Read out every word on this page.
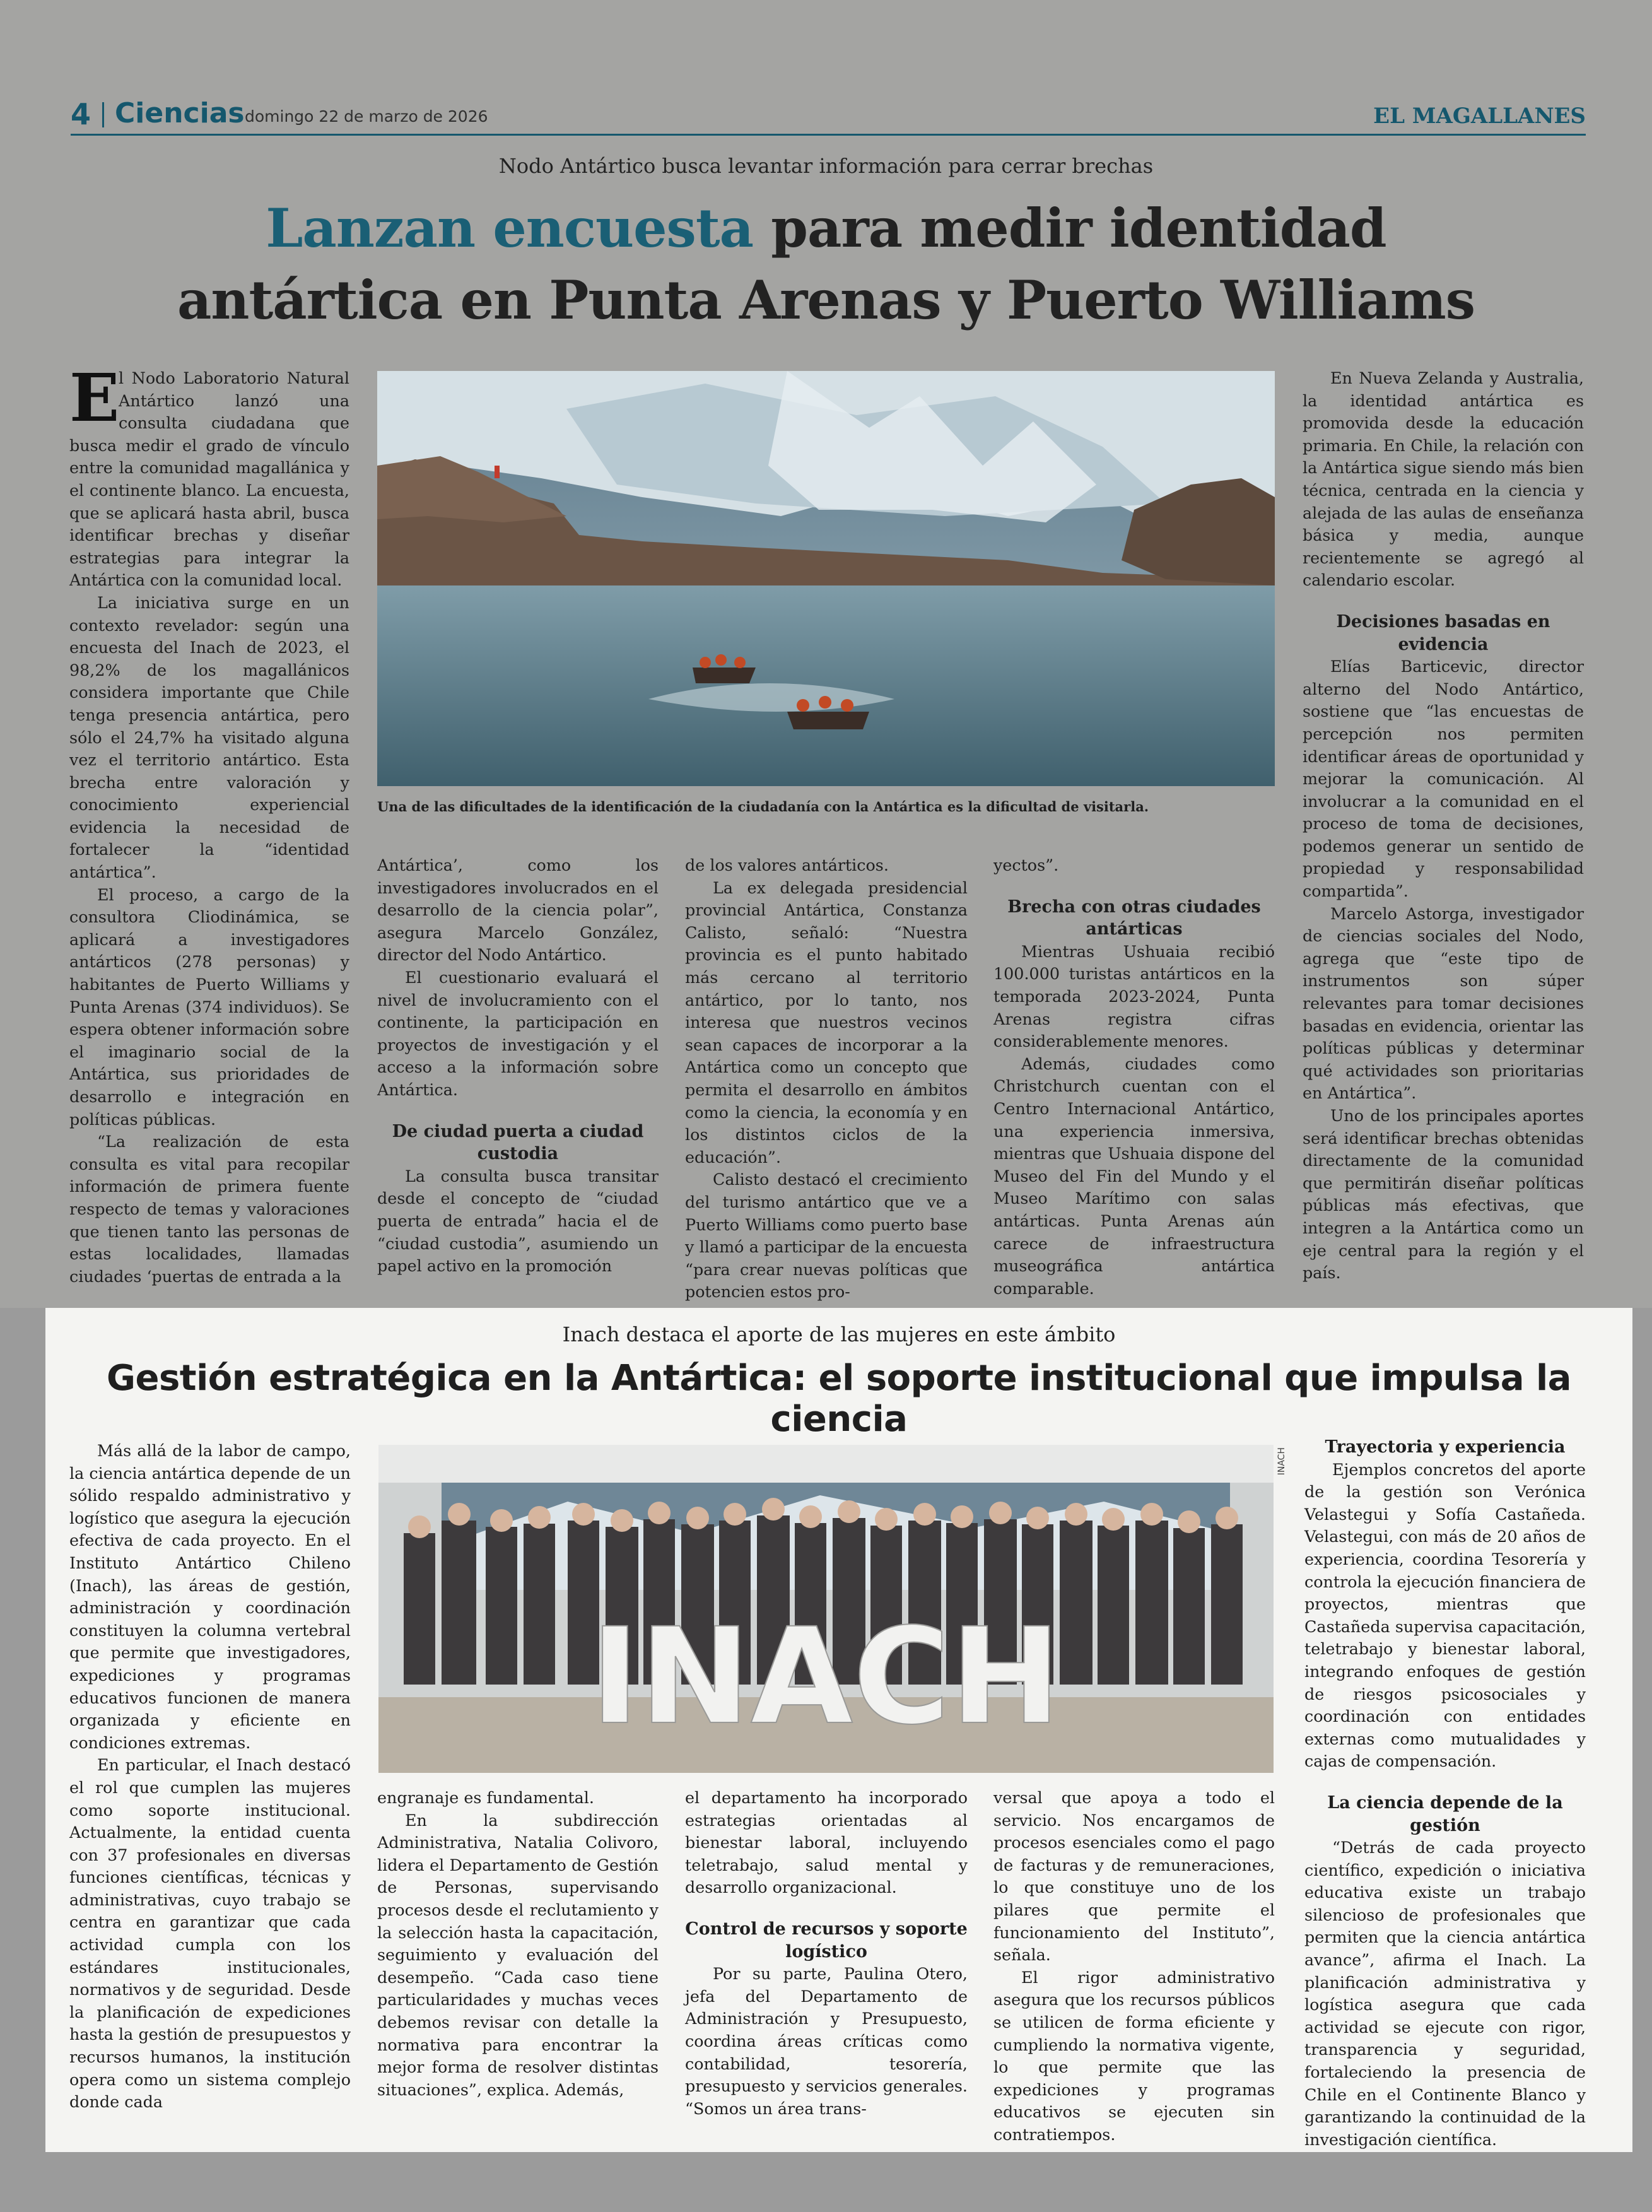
4 Ciencias domingo 22 de marzo de 2026	EL MAGALLANES
Nodo Antártico busca levantar información para cerrar brechas
Lanzan encuesta para medir identidad
antártica en Punta Arenas y Puerto Williams
E

l Nodo Laboratorio Natural Antártico lanzó una consulta ciudadana que busca medir el grado de vínculo entre la comunidad magallánica y el continente blanco. La encuesta, que se aplicará hasta abril, busca identificar brechas y diseñar estrategias para integrar la Antártica con la comunidad local.

La iniciativa surge en un contexto revelador: según una encuesta del Inach de 2023, el 98,2% de los magallánicos considera importante que Chile tenga presencia antártica, pero sólo el 24,7% ha visitado alguna vez el territorio antártico. Esta brecha entre valoración y conocimiento experiencial evidencia la necesidad de fortalecer la “identidad antártica”.

El proceso, a cargo de la consultora Cliodinámica, se aplicará a investigadores antárticos (278 personas) y habitantes de Puerto Williams y Punta Arenas (374 individuos). Se espera obtener información sobre el imaginario social de la Antártica, sus prioridades de desarrollo e integración en políticas públicas.

“La realización de esta consulta es vital para recopilar información de primera fuente respecto de temas y valoraciones que tienen tanto las personas de estas localidades, llamadas ciudades ‘puertas de entrada a la

Una de las dificultades de la identificación de la ciudadanía con la Antártica es la dificultad de visitarla.

Antártica’, como los investigadores involucrados en el desarrollo de la ciencia polar”, asegura Marcelo González, director del Nodo Antártico.

El cuestionario evaluará el nivel de involucramiento con el continente, la participación en proyectos de investigación y el acceso a la información sobre Antártica.

De ciudad puerta a ciudad custodia

La consulta busca transitar desde el concepto de “ciudad puerta de entrada” hacia el de “ciudad custodia”, asumiendo un papel activo en la promoción

de los valores antárticos.

La ex delegada presidencial provincial Antártica, Constanza Calisto, señaló: “Nuestra provincia es el punto habitado más cercano al territorio antártico, por lo tanto, nos interesa que nuestros vecinos sean capaces de incorporar a la Antártica como un concepto que permita el desarrollo en ámbitos como la ciencia, la economía y en los distintos ciclos de la educación”.

Calisto destacó el crecimiento del turismo antártico que ve a Puerto Williams como puerto base y llamó a participar de la encuesta “para crear nuevas políticas que potencien estos pro-

yectos”.

Brecha con otras ciudades antárticas

Mientras Ushuaia recibió 100.000 turistas antárticos en la temporada 2023-2024, Punta Arenas registra cifras considerablemente menores.

Además, ciudades como Christchurch cuentan con el Centro Internacional Antártico, una experiencia inmersiva, mientras que Ushuaia dispone del Museo del Fin del Mundo y el Museo Marítimo con salas antárticas. Punta Arenas aún carece de infraestructura museográfica antártica comparable.

En Nueva Zelanda y Australia, la identidad antártica es promovida desde la educación primaria. En Chile, la relación con la Antártica sigue siendo más bien técnica, centrada en la ciencia y alejada de las aulas de enseñanza básica y media, aunque recientemente se agregó al calendario escolar.

Decisiones basadas en evidencia

Elías Barticevic, director alterno del Nodo Antártico, sostiene que “las encuestas de percepción nos permiten identificar áreas de oportunidad y mejorar la comunicación. Al involucrar a la comunidad en el proceso de toma de decisiones, podemos generar un sentido de propiedad y responsabilidad compartida”.

Marcelo Astorga, investigador de ciencias sociales del Nodo, agrega que “este tipo de instrumentos son súper relevantes para tomar decisiones basadas en evidencia, orientar las políticas públicas y determinar qué actividades son prioritarias en Antártica”.

Uno de los principales aportes será identificar brechas obtenidas directamente de la comunidad que permitirán diseñar políticas públicas más efectivas, que integren a la Antártica como un eje central para la región y el país.

Inach destaca el aporte de las mujeres en este ámbito
Gestión estratégica en la Antártica: el soporte institucional que impulsa la ciencia

Más allá de la labor de campo, la ciencia antártica depende de un sólido respaldo administrativo y logístico que asegura la ejecución efectiva de cada proyecto. En el Instituto Antártico Chileno (Inach), las áreas de gestión, administración y coordinación constituyen la columna vertebral que permite que investigadores, expediciones y programas educativos funcionen de manera organizada y eficiente en condiciones extremas.

En particular, el Inach destacó el rol que cumplen las mujeres como soporte institucional. Actualmente, la entidad cuenta con 37 profesionales en diversas funciones científicas, técnicas y administrativas, cuyo trabajo se centra en garantizar que cada actividad cumpla con los estándares institucionales, normativos y de seguridad. Desde la planificación de expediciones hasta la gestión de presupuestos y recursos humanos, la institución opera como un sistema complejo donde cada

INACH
INACH

engranaje es fundamental.

En la subdirección Administrativa, Natalia Colivoro, lidera el Departamento de Gestión de Personas, supervisando procesos desde el reclutamiento y la selección hasta la capacitación, seguimiento y evaluación del desempeño. “Cada caso tiene particularidades y muchas veces debemos revisar con detalle la normativa para encontrar la mejor forma de resolver distintas situaciones”, explica. Además,

el departamento ha incorporado estrategias orientadas al bienestar laboral, incluyendo teletrabajo, salud mental y desarrollo organizacional.

Control de recursos y soporte logístico

Por su parte, Paulina Otero, jefa del Departamento de Administración y Presupuesto, coordina áreas críticas como contabilidad, tesorería, presupuesto y servicios generales. “Somos un área trans-

versal que apoya a todo el servicio. Nos encargamos de procesos esenciales como el pago de facturas y de remuneraciones, lo que constituye uno de los pilares que permite el funcionamiento del Instituto”, señala.

El rigor administrativo asegura que los recursos públicos se utilicen de forma eficiente y cumpliendo la normativa vigente, lo que permite que las expediciones y programas educativos se ejecuten sin contratiempos.

Trayectoria y experiencia

Ejemplos concretos del aporte de la gestión son Verónica Velastegui y Sofía Castañeda. Velastegui, con más de 20 años de experiencia, coordina Tesorería y controla la ejecución financiera de proyectos, mientras que Castañeda supervisa capacitación, teletrabajo y bienestar laboral, integrando enfoques de gestión de riesgos psicosociales y coordinación con entidades externas como mutualidades y cajas de compensación.

La ciencia depende de la gestión

“Detrás de cada proyecto científico, expedición o iniciativa educativa existe un trabajo silencioso de profesionales que permiten que la ciencia antártica avance”, afirma el Inach. La planificación administrativa y logística asegura que cada actividad se ejecute con rigor, transparencia y seguridad, fortaleciendo la presencia de Chile en el Continente Blanco y garantizando la continuidad de la investigación científica.
